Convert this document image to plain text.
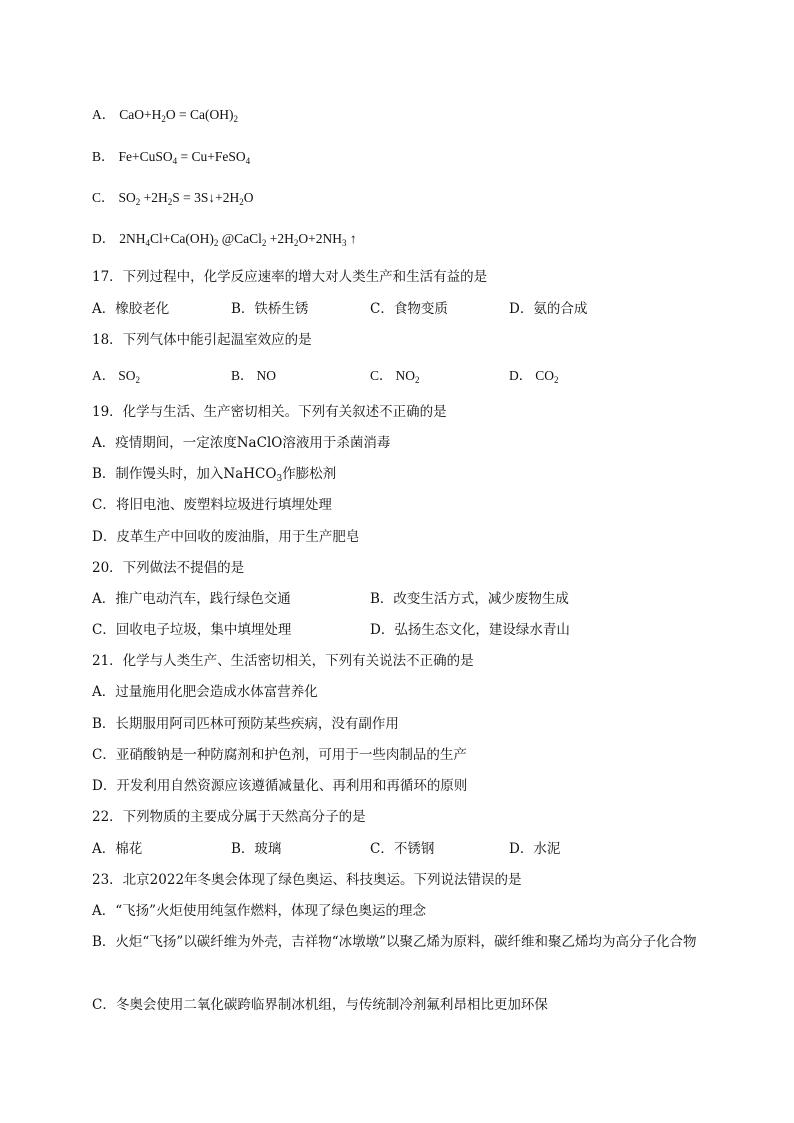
A． $CaO+H_2O = Ca(OH)_2$
B． Fe+CuSO$_4$ = Cu+FeSO$_4$
C． $SO_2 +2H_2S$ = $3S↓+2H_2O$
D． $2NH_4Cl+Ca(OH)_2$ @CaCl$_2$ $+2H_2O+2NH_3$ ↑
17．下列过程中，化学反应速率的增大对人类生产和生活有益的是
A．橡胶老化	B．铁桥生锈	C．食物变质	D．氨的合成
18．下列气体中能引起温室效应的是
A． $SO_2$	B． NO	C． $NO_2$	D． $CO_2$
19．化学与生活、生产密切相关。下列有关叙述不正确的是
A．疫情期间，一定浓度NaClO溶液用于杀菌消毒
B．制作馒头时，加入NaHCO$_3$作膨松剂
C．将旧电池、废塑料垃圾进行填埋处理
D．皮革生产中回收的废油脂，用于生产肥皂
20．下列做法不提倡的是
A．推广电动汽车，践行绿色交通	B．改变生活方式，减少废物生成
C．回收电子垃圾，集中填埋处理	D．弘扬生态文化，建设绿水青山
21．化学与人类生产、生活密切相关，下列有关说法不正确的是
A．过量施用化肥会造成水体富营养化
B．长期服用阿司匹林可预防某些疾病，没有副作用
C．亚硝酸钠是一种防腐剂和护色剂，可用于一些肉制品的生产
D．开发利用自然资源应该遵循减量化、再利用和再循环的原则
22．下列物质的主要成分属于天然高分子的是
A．棉花	B．玻璃	C．不锈钢	D．水泥
23．北京2022年冬奥会体现了绿色奥运、科技奥运。下列说法错误的是
A．“飞扬”火炬使用纯氢作燃料，体现了绿色奥运的理念
B．火炬“飞扬”以碳纤维为外壳，吉祥物“冰墩墩”以聚乙烯为原料，碳纤维和聚乙烯均为高分子化合物
C．冬奥会使用二氧化碳跨临界制冰机组，与传统制冷剂氟利昂相比更加环保
